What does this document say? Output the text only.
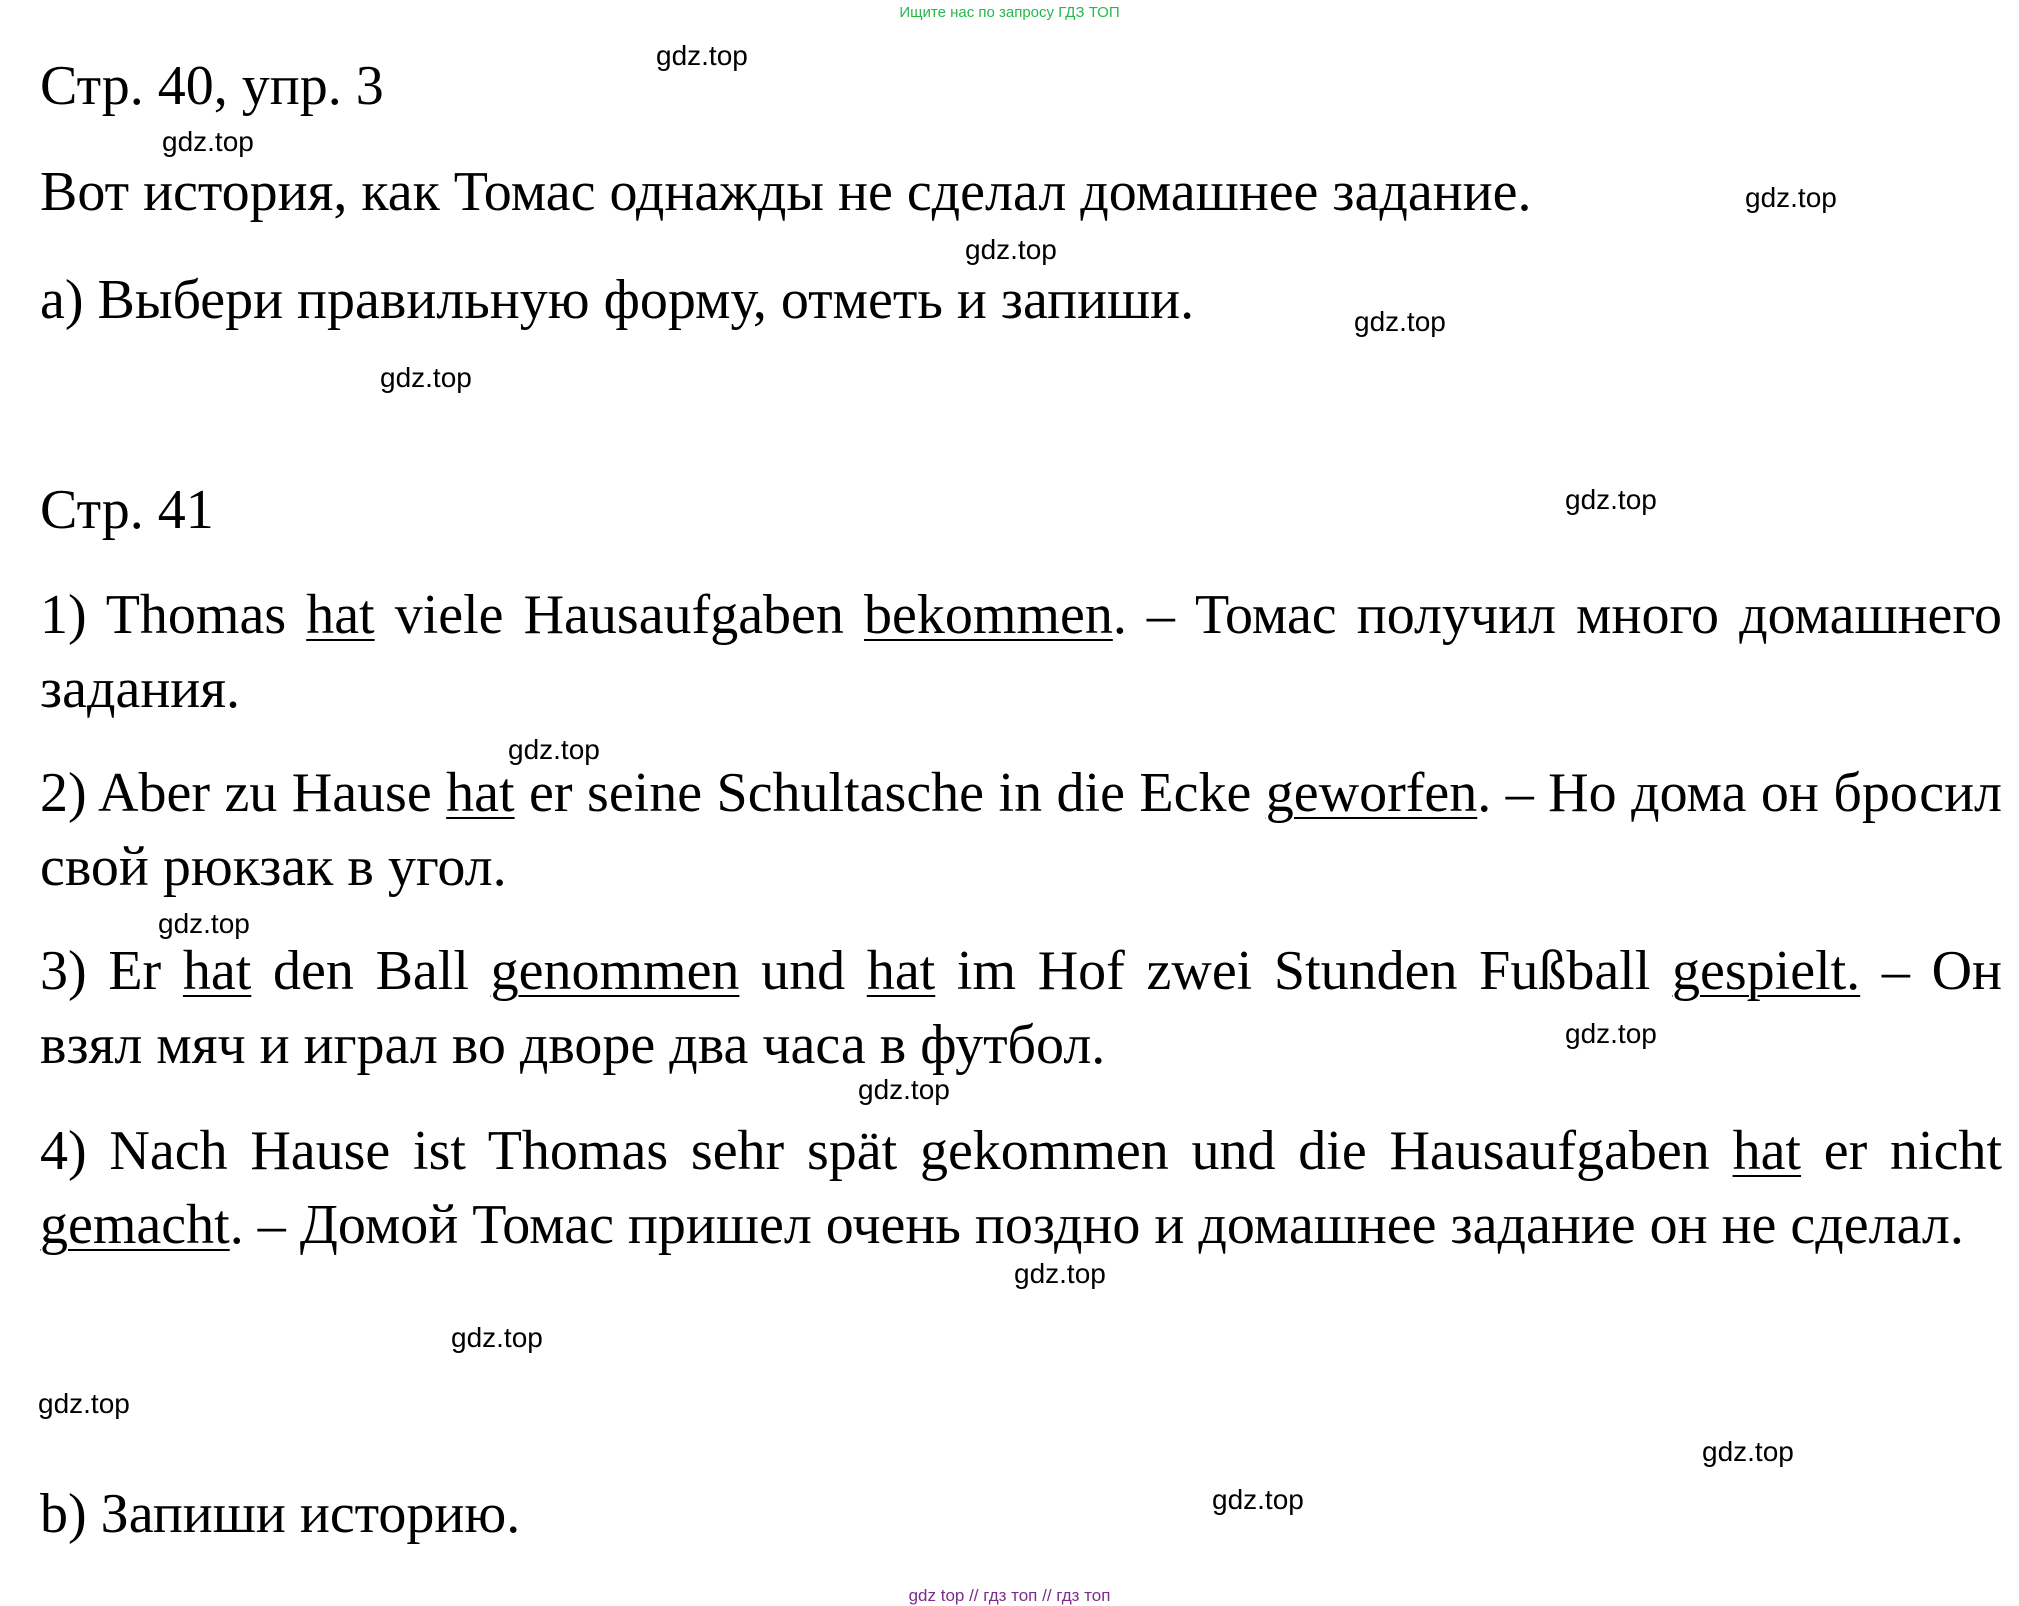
Ищите нас по запросу ГДЗ ТОП
Стр. 40, упр. 3
Вот история, как Томас однажды не сделал домашнее задание.
a) Выбери правильную форму, отметь и запиши.
Стр. 41
1) Thomas hat viele Hausaufgaben bekommen. – Томас получил много домашнего задания.
2) Aber zu Hause hat er seine Schultasche in die Ecke geworfen. – Но дома он бросил свой рюкзак в угол.
3) Er hat den Ball genommen und hat im Hof zwei Stunden Fußball gespielt. – Он взял мяч и играл во дворе два часа в футбол.
4) Nach Hause ist Thomas sehr spät gekommen und die Hausaufgaben hat er nicht gemacht. – Домой Томас пришел очень поздно и домашнее задание он не сделал.
b) Запиши историю.
gdz.top
gdz.top
gdz.top
gdz.top
gdz.top
gdz.top
gdz.top
gdz.top
gdz.top
gdz.top
gdz.top
gdz.top
gdz.top
gdz.top
gdz.top
gdz.top
gdz top // гдз топ // гдз топ
